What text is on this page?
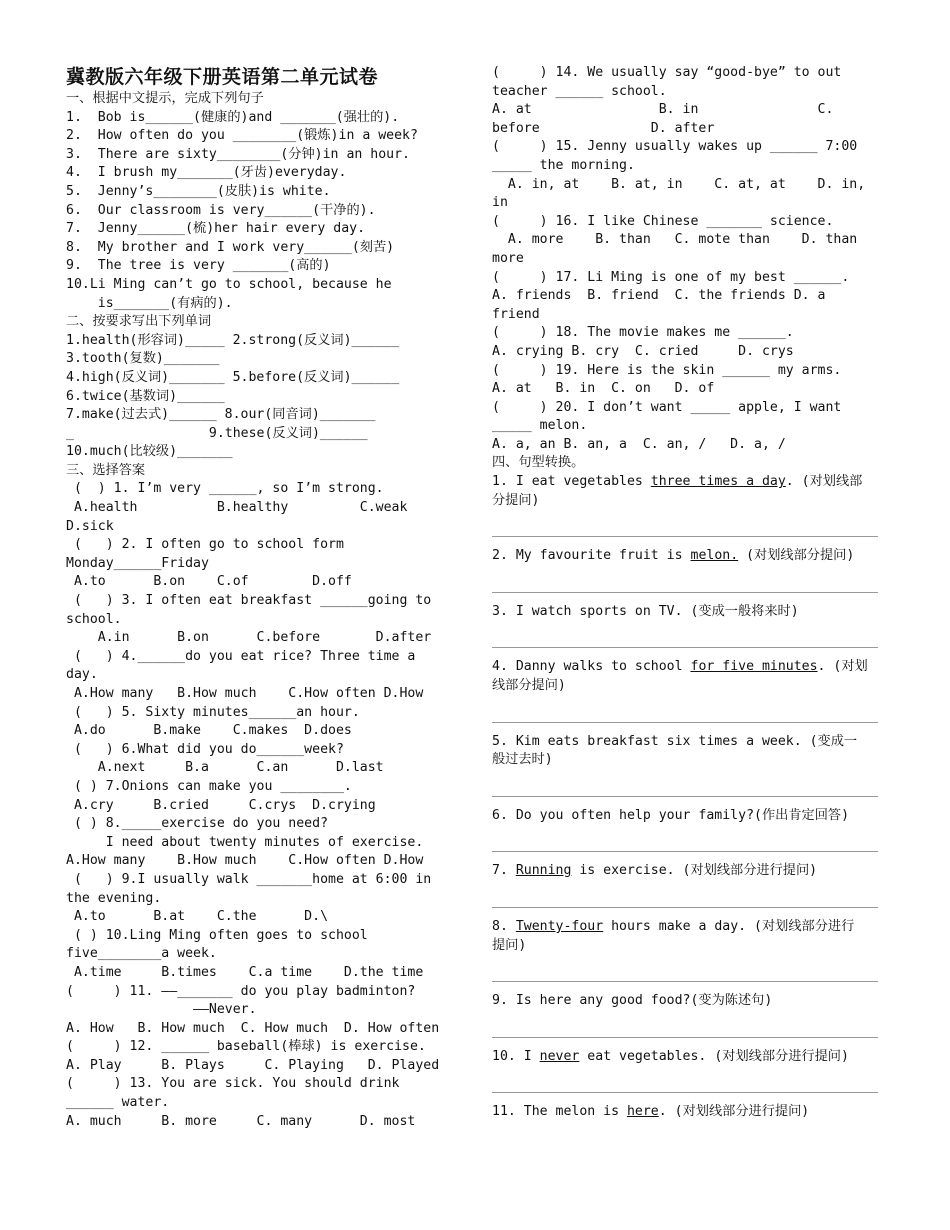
冀教版六年级下册英语第二单元试卷
一、根据中文提示，完成下列句子
1.  Bob is______(健康的)and _______(强壮的).
2.  How often do you ________(锻炼)in a week?
3.  There are sixty________(分钟)in an hour.
4.  I brush my_______(牙齿)everyday.
5.  Jenny’s________(皮肤)is white.
6.  Our classroom is very______(干净的).
7.  Jenny______(梳)her hair every day.
8.  My brother and I work very______(刻苦)
9.  The tree is very _______(高的)
10.Li Ming can’t go to school, because he
is_______(有病的).
二、按要求写出下列单词
1.health(形容词)_____ 2.strong(反义词)______
3.tooth(复数)_______
4.high(反义词)_______ 5.before(反义词)______
6.twice(基数词)______
7.make(过去式)______ 8.our(同音词)_______
_                 9.these(反义词)______
10.much(比较级)_______
三、选择答案
(  ) 1. I’m very ______, so I’m strong.
A.health          B.healthy         C.weak
D.sick
(   ) 2. I often go to school form
Monday______Friday
A.to      B.on    C.of        D.off
(   ) 3. I often eat breakfast ______going to
school.
A.in      B.on      C.before       D.after
(   ) 4.______do you eat rice? Three time a
day.
A.How many   B.How much    C.How often D.How
(   ) 5. Sixty minutes______an hour.
A.do      B.make    C.makes  D.does
(   ) 6.What did you do______week?
A.next     B.a      C.an      D.last
( ) 7.Onions can make you ________.
A.cry     B.cried     C.crys  D.crying
( ) 8._____exercise do you need?
I need about twenty minutes of exercise.
A.How many    B.How much    C.How often D.How
(   ) 9.I usually walk _______home at 6:00 in
the evening.
A.to      B.at    C.the      D.\
( ) 10.Ling Ming often goes to school
five________a week.
A.time     B.times    C.a time    D.the time
(     ) 11. ——_______ do you play badminton?
——Never.
A. How   B. How much  C. How much  D. How often
(     ) 12. ______ baseball(棒球) is exercise.
A. Play     B. Plays     C. Playing   D. Played
(     ) 13. You are sick. You should drink
______ water.
A. much     B. more     C. many      D. most
(     ) 14. We usually say “good-bye” to out
teacher ______ school.
A. at                B. in               C.
before              D. after
(     ) 15. Jenny usually wakes up ______ 7:00
_____ the morning.
A. in, at    B. at, in    C. at, at    D. in,
in
(     ) 16. I like Chinese _______ science.
A. more    B. than   C. mote than    D. than
more
(     ) 17. Li Ming is one of my best ______.
A. friends  B. friend  C. the friends D. a
friend
(     ) 18. The movie makes me ______.
A. crying B. cry  C. cried     D. crys
(     ) 19. Here is the skin ______ my arms.
A. at   B. in  C. on   D. of
(     ) 20. I don’t want _____ apple, I want
_____ melon.
A. a, an B. an, a  C. an, /   D. a, /
四、句型转换。
1. I eat vegetables three times a day. (对划线部
分提问)
2. My favourite fruit is melon. (对划线部分提问)
3. I watch sports on TV. (变成一般将来时)
4. Danny walks to school for five minutes. (对划
线部分提问)
5. Kim eats breakfast six times a week. (变成一
般过去时)
6. Do you often help your family?(作出肯定回答)
7. Running is exercise. (对划线部分进行提问)
8. Twenty-four hours make a day. (对划线部分进行
提问)
9. Is here any good food?(变为陈述句)
10. I never eat vegetables. (对划线部分进行提问)
11. The melon is here. (对划线部分进行提问)
